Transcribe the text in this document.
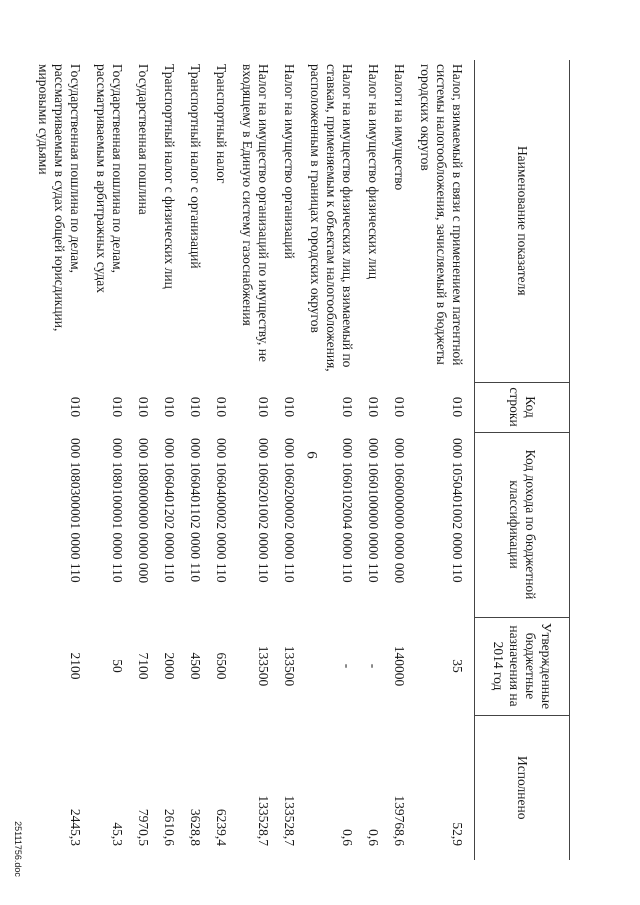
6
Наименование показателя	Код строки	Код дохода по бюджетной классификации	Утвержденные бюджетные назначения на 2014 год	Исполнено
Налог, взимаемый в связи с применением патентной системы налогообложения, зачисляемый в бюджеты городских округов	010	000 1050401002 0000 110	35	52,9
Налоги на имущество	010	000 1060000000 0000 000	140000	139768,6
Налог на имущество физических лиц	010	000 1060100000 0000 110	-	0,6
Налог на имущество физических лиц, взимаемый по ставкам, применяемым к объектам налогообложения, расположенным в границах городских округов	010	000 1060102004 0000 110	-	0,6
Налог на имущество организаций	010	000 1060200002 0000 110	133500	133528,7
Налог на имущество организаций по имуществу, не входящему в Единую систему газоснабжения	010	000 1060201002 0000 110	133500	133528,7
Транспортный налог	010	000 1060400002 0000 110	6500	6239,4
Транспортный налог с организаций	010	000 1060401102 0000 110	4500	3628,8
Транспортный налог с физических лиц	010	000 1060401202 0000 110	2000	2610,6
Государственная пошлина	010	000 1080000000 0000 000	7100	7970,5
Государственная пошлина по делам, рассматриваемым в арбитражных судах	010	000 1080100001 0000 110	50	45,3
Государственная пошлина по делам, рассматриваемым в судах общей юрисдикции, мировыми судьями	010	000 1080300001 0000 110	2100	2445,3
25111756.doc
